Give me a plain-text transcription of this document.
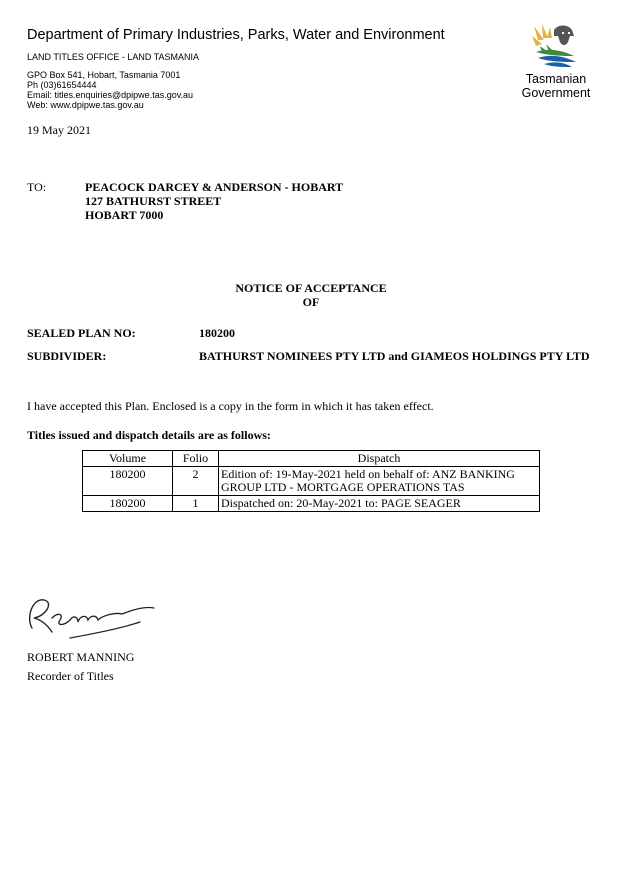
Department of Primary Industries, Parks, Water and Environment
LAND TITLES OFFICE - LAND TASMANIA
GPO Box 541, Hobart, Tasmania 7001
Ph (03)61654444
Email: titles.enquiries@dpipwe.tas.gov.au
Web: www.dpipwe.tas.gov.au
Tasmanian
Government
19 May 2021
TO:	PEACOCK DARCEY & ANDERSON - HOBART
127 BATHURST STREET
HOBART 7000
NOTICE OF ACCEPTANCE
OF
SEALED PLAN NO:	180200
SUBDIVIDER:	BATHURST NOMINEES PTY LTD and GIAMEOS HOLDINGS PTY LTD
I have accepted this Plan. Enclosed is a copy in the form in which it has taken effect.
Titles issued and dispatch details are as follows:
Volume	Folio	Dispatch
180200	2	Edition of: 19-May-2021 held on behalf of: ANZ BANKING GROUP LTD - MORTGAGE OPERATIONS TAS
180200	1	Dispatched on: 20-May-2021 to: PAGE SEAGER
ROBERT MANNING
Recorder of Titles
